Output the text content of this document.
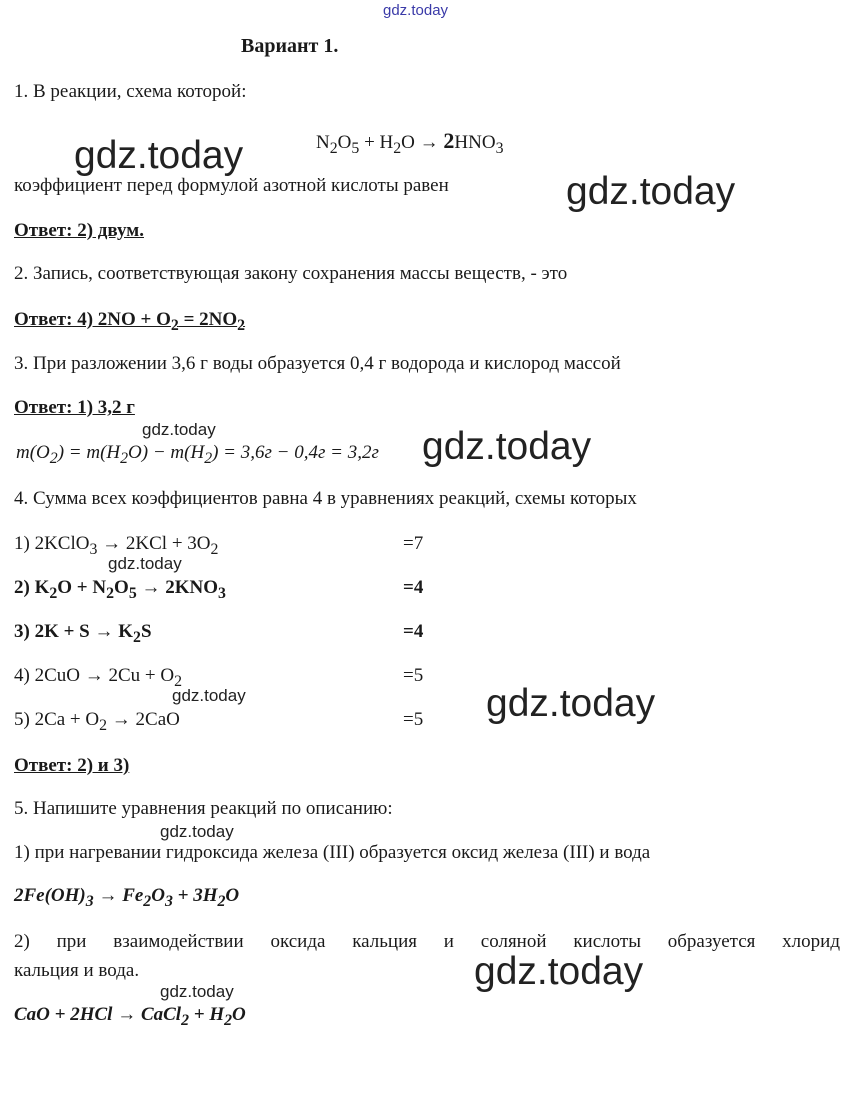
gdz.today
gdz.today
gdz.today
gdz.today	gdz.today
gdz.today
gdz.today	gdz.today
gdz.today
gdz.today
gdz.today
Вариант 1.
1. В реакции, схема которой:
$N_2O_5 + H_2O \to 2HNO_3$
коэффициент перед формулой азотной кислоты равен
Ответ: 2) двум.
2. Запись, соответствующая закону сохранения массы веществ, - это
Ответ: 4) $2NO + O_2 = 2NO_2$
3. При разложении 3,6 г воды образуется 0,4 г водорода и кислород массой
Ответ: 1) 3,2 г
$m(O_2) = m(H_2O) - m(H_2) = 3,6г - 0,4г = 3,2г$
4. Сумма всех коэффициентов равна 4 в уравнениях реакций, схемы которых
1) 2KClO$_3$ → $2KCl + 3O_2$	=7
2) $K_2O + N_2O_5 \to 2KNO_3$	=4
3) $2K + S \to K_2S$	=4
4) $2CuO \to 2Cu + O_2$	=5
5) $2Ca + O_2 \to 2CaO$	=5
Ответ: 2) и 3)
5. Напишите уравнения реакций по описанию:
1) при нагревании гидроксида железа (III) образуется оксид железа (III) и вода
$2Fe(OH)_3 \to Fe_2O_3 + 3H_2O$
2) при взаимодействии оксида кальция и соляной кислоты образуется хлорид
кальция и вода.
CaO + 2HCl → CaCl$_2$ + $H_2O$
